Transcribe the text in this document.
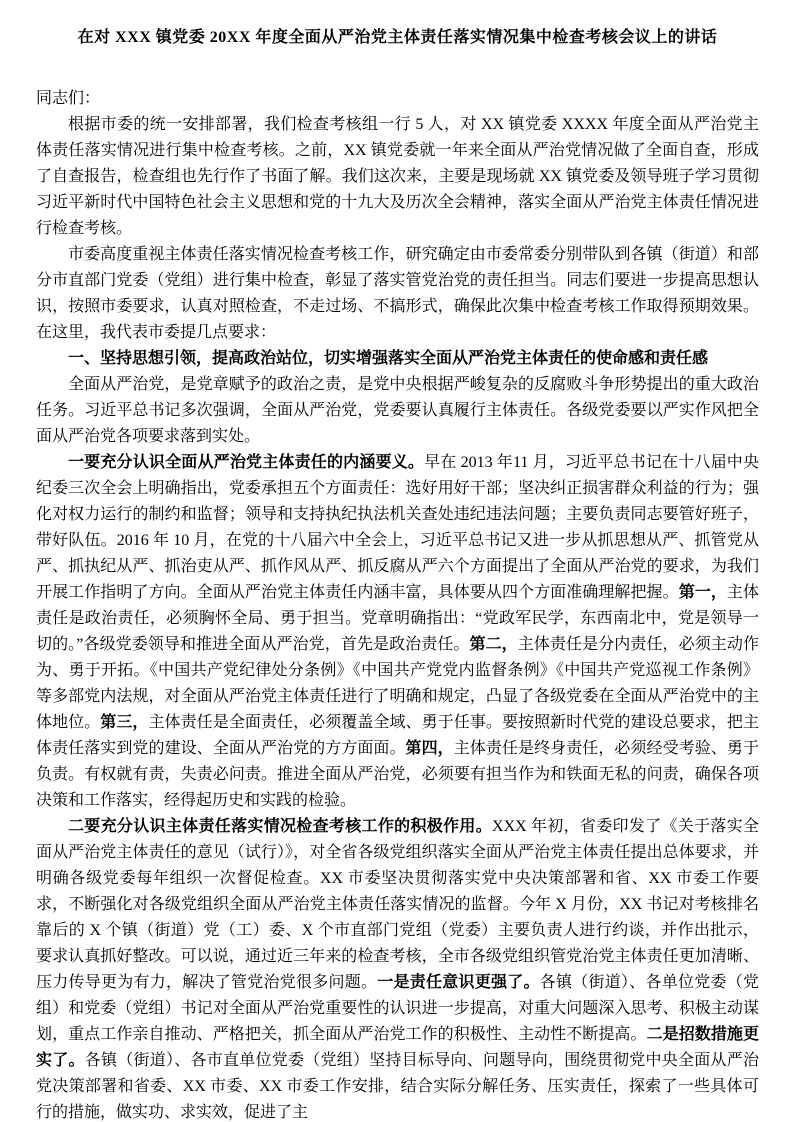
在对 XXX 镇党委 20XX 年度全面从严治党主体责任落实情况集中检查考核会议上的讲话

同志们：

根据市委的统一安排部署，我们检查考核组一行 5 人，对 XX 镇党委 XXXX 年度全面从严治党主体责任落实情况进行集中检查考核。之前，XX 镇党委就一年来全面从严治党情况做了全面自查，形成了自查报告，检查组也先行作了书面了解。我们这次来，主要是现场就 XX 镇党委及领导班子学习贯彻习近平新时代中国特色社会主义思想和党的十九大及历次全会精神，落实全面从严治党主体责任情况进行检查考核。

市委高度重视主体责任落实情况检查考核工作，研究确定由市委常委分别带队到各镇（街道）和部分市直部门党委（党组）进行集中检查，彰显了落实管党治党的责任担当。同志们要进一步提高思想认识，按照市委要求，认真对照检查，不走过场、不搞形式，确保此次集中检查考核工作取得预期效果。在这里，我代表市委提几点要求：

一、坚持思想引领，提高政治站位，切实增强落实全面从严治党主体责任的使命感和责任感

全面从严治党，是党章赋予的政治之责，是党中央根据严峻复杂的反腐败斗争形势提出的重大政治任务。习近平总书记多次强调，全面从严治党，党委要认真履行主体责任。各级党委要以严实作风把全面从严治党各项要求落到实处。

一要充分认识全面从严治党主体责任的内涵要义。早在 2013 年11 月，习近平总书记在十八届中央纪委三次全会上明确指出，党委承担五个方面责任：选好用好干部；坚决纠正损害群众利益的行为；强化对权力运行的制约和监督；领导和支持执纪执法机关查处违纪违法问题；主要负责同志要管好班子，带好队伍。2016 年 10 月，在党的十八届六中全会上，习近平总书记又进一步从抓思想从严、抓管党从严、抓执纪从严、抓治吏从严、抓作风从严、抓反腐从严六个方面提出了全面从严治党的要求，为我们开展工作指明了方向。全面从严治党主体责任内涵丰富，具体要从四个方面准确理解把握。第一，主体责任是政治责任，必须胸怀全局、勇于担当。党章明确指出：“党政军民学，东西南北中，党是领导一切的。”各级党委领导和推进全面从严治党，首先是政治责任。第二，主体责任是分内责任，必须主动作为、勇于开拓。《中国共产党纪律处分条例》《中国共产党党内监督条例》《中国共产党巡视工作条例》等多部党内法规，对全面从严治党主体责任进行了明确和规定，凸显了各级党委在全面从严治党中的主体地位。第三，主体责任是全面责任，必须覆盖全域、勇于任事。要按照新时代党的建设总要求，把主体责任落实到党的建设、全面从严治党的方方面面。第四，主体责任是终身责任，必须经受考验、勇于负责。有权就有责，失责必问责。推进全面从严治党，必须要有担当作为和铁面无私的问责，确保各项决策和工作落实，经得起历史和实践的检验。

二要充分认识主体责任落实情况检查考核工作的积极作用。XXX 年初，省委印发了《关于落实全面从严治党主体责任的意见（试行）》，对全省各级党组织落实全面从严治党主体责任提出总体要求，并明确各级党委每年组织一次督促检查。XX 市委坚决贯彻落实党中央决策部署和省、XX 市委工作要求，不断强化对各级党组织全面从严治党主体责任落实情况的监督。今年 X 月份，XX 书记对考核排名靠后的 X 个镇（街道）党（工）委、X 个市直部门党组（党委）主要负责人进行约谈，并作出批示，要求认真抓好整改。可以说，通过近三年来的检查考核，全市各级党组织管党治党主体责任更加清晰、压力传导更为有力，解决了管党治党很多问题。一是责任意识更强了。各镇（街道）、各单位党委（党组）和党委（党组）书记对全面从严治党重要性的认识进一步提高，对重大问题深入思考、积极主动谋划，重点工作亲自推动、严格把关，抓全面从严治党工作的积极性、主动性不断提高。二是招数措施更实了。各镇（街道）、各市直单位党委（党组）坚持目标导向、问题导向，围绕贯彻党中央全面从严治党决策部署和省委、XX 市委、XX 市委工作安排，结合实际分解任务、压实责任，探索了一些具体可行的措施，做实功、求实效，促进了主
